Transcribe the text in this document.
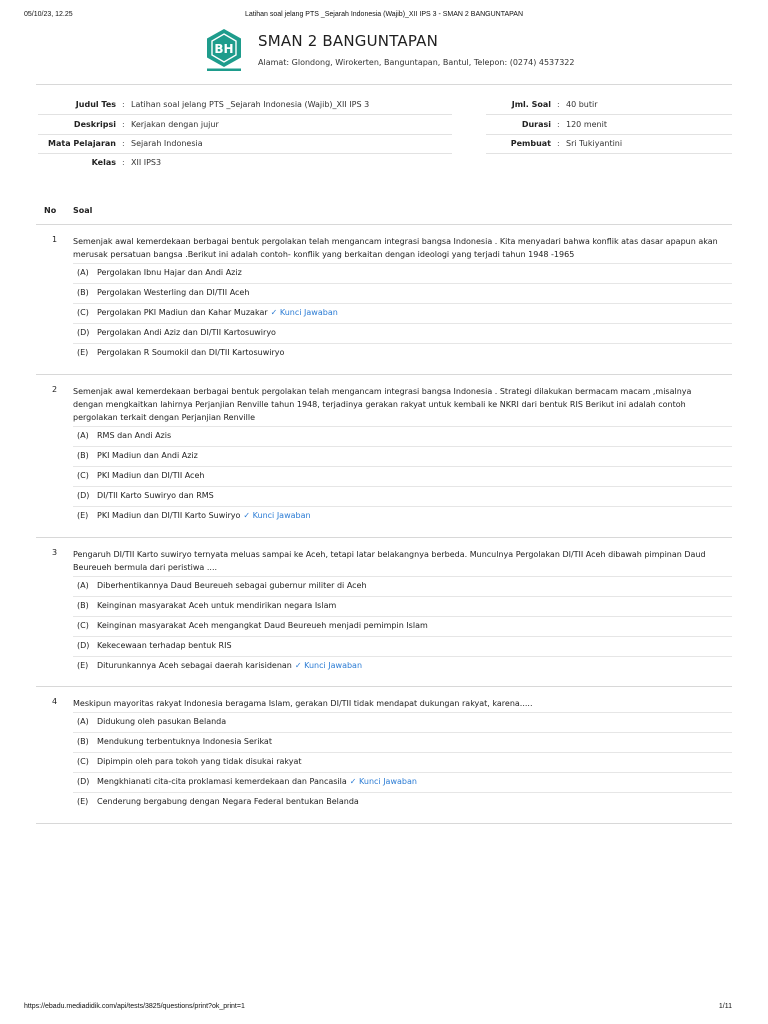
05/10/23, 12.25	Latihan soal jelang PTS _Sejarah Indonesia (Wajib)_XII IPS 3 - SMAN 2 BANGUNTAPAN
BH SMAN 2 BANGUNTAPAN
Alamat: Glondong, Wirokerten, Banguntapan, Bantul, Telepon: (0274) 4537322
Judul Tes : Latihan soal jelang PTS _Sejarah Indonesia (Wajib)_XII IPS 3
Deskripsi : Kerjakan dengan jujur
Mata Pelajaran : Sejarah Indonesia
Kelas : XII IPS3
Jml. Soal : 40 butir
Durasi : 120 menit
Pembuat : Sri Tukiyantini
No Soal
1 Semenjak awal kemerdekaan berbagai bentuk pergolakan telah mengancam integrasi bangsa Indonesia . Kita menyadari bahwa konflik atas dasar apapun akan merusak persatuan bangsa .Berikut ini adalah contoh- konflik yang berkaitan dengan ideologi yang terjadi tahun 1948 -1965
(A) Pergolakan Ibnu Hajar dan Andi Aziz
(B) Pergolakan Westerling dan DI/TII Aceh
(C) Pergolakan PKI Madiun dan Kahar Muzakar ✓ Kunci Jawaban
(D) Pergolakan Andi Aziz dan DI/TII Kartosuwiryo
(E) Pergolakan R Soumokil dan DI/TII Kartosuwiryo
2 Semenjak awal kemerdekaan berbagai bentuk pergolakan telah mengancam integrasi bangsa Indonesia . Strategi dilakukan bermacam macam ,misalnya dengan mengkaitkan lahirnya Perjanjian Renville tahun 1948, terjadinya gerakan rakyat untuk kembali ke NKRI dari bentuk RIS Berikut ini adalah contoh pergolakan terkait dengan Perjanjian Renville
(A) RMS dan Andi Azis
(B) PKI Madiun dan Andi Aziz
(C) PKI Madiun dan DI/TII Aceh
(D) DI/TII Karto Suwiryo dan RMS
(E) PKI Madiun dan DI/TII Karto Suwiryo ✓ Kunci Jawaban
3 Pengaruh DI/TII Karto suwiryo ternyata meluas sampai ke Aceh, tetapi latar belakangnya berbeda. Munculnya Pergolakan DI/TII Aceh dibawah pimpinan Daud Beureueh bermula dari peristiwa ....
(A) Diberhentikannya Daud Beureueh sebagai gubernur militer di Aceh
(B) Keinginan masyarakat Aceh untuk mendirikan negara Islam
(C) Keinginan masyarakat Aceh mengangkat Daud Beureueh menjadi pemimpin Islam
(D) Kekecewaan terhadap bentuk RIS
(E) Diturunkannya Aceh sebagai daerah karisidenan ✓ Kunci Jawaban
4 Meskipun mayoritas rakyat Indonesia beragama Islam, gerakan DI/TII tidak mendapat dukungan rakyat, karena.....
(A) Didukung oleh pasukan Belanda
(B) Mendukung terbentuknya Indonesia Serikat
(C) Dipimpin oleh para tokoh yang tidak disukai rakyat
(D) Mengkhianati cita-cita proklamasi kemerdekaan dan Pancasila ✓ Kunci Jawaban
(E) Cenderung bergabung dengan Negara Federal bentukan Belanda
https://ebadu.mediadidik.com/api/tests/3825/questions/print?ok_print=1	1/11
